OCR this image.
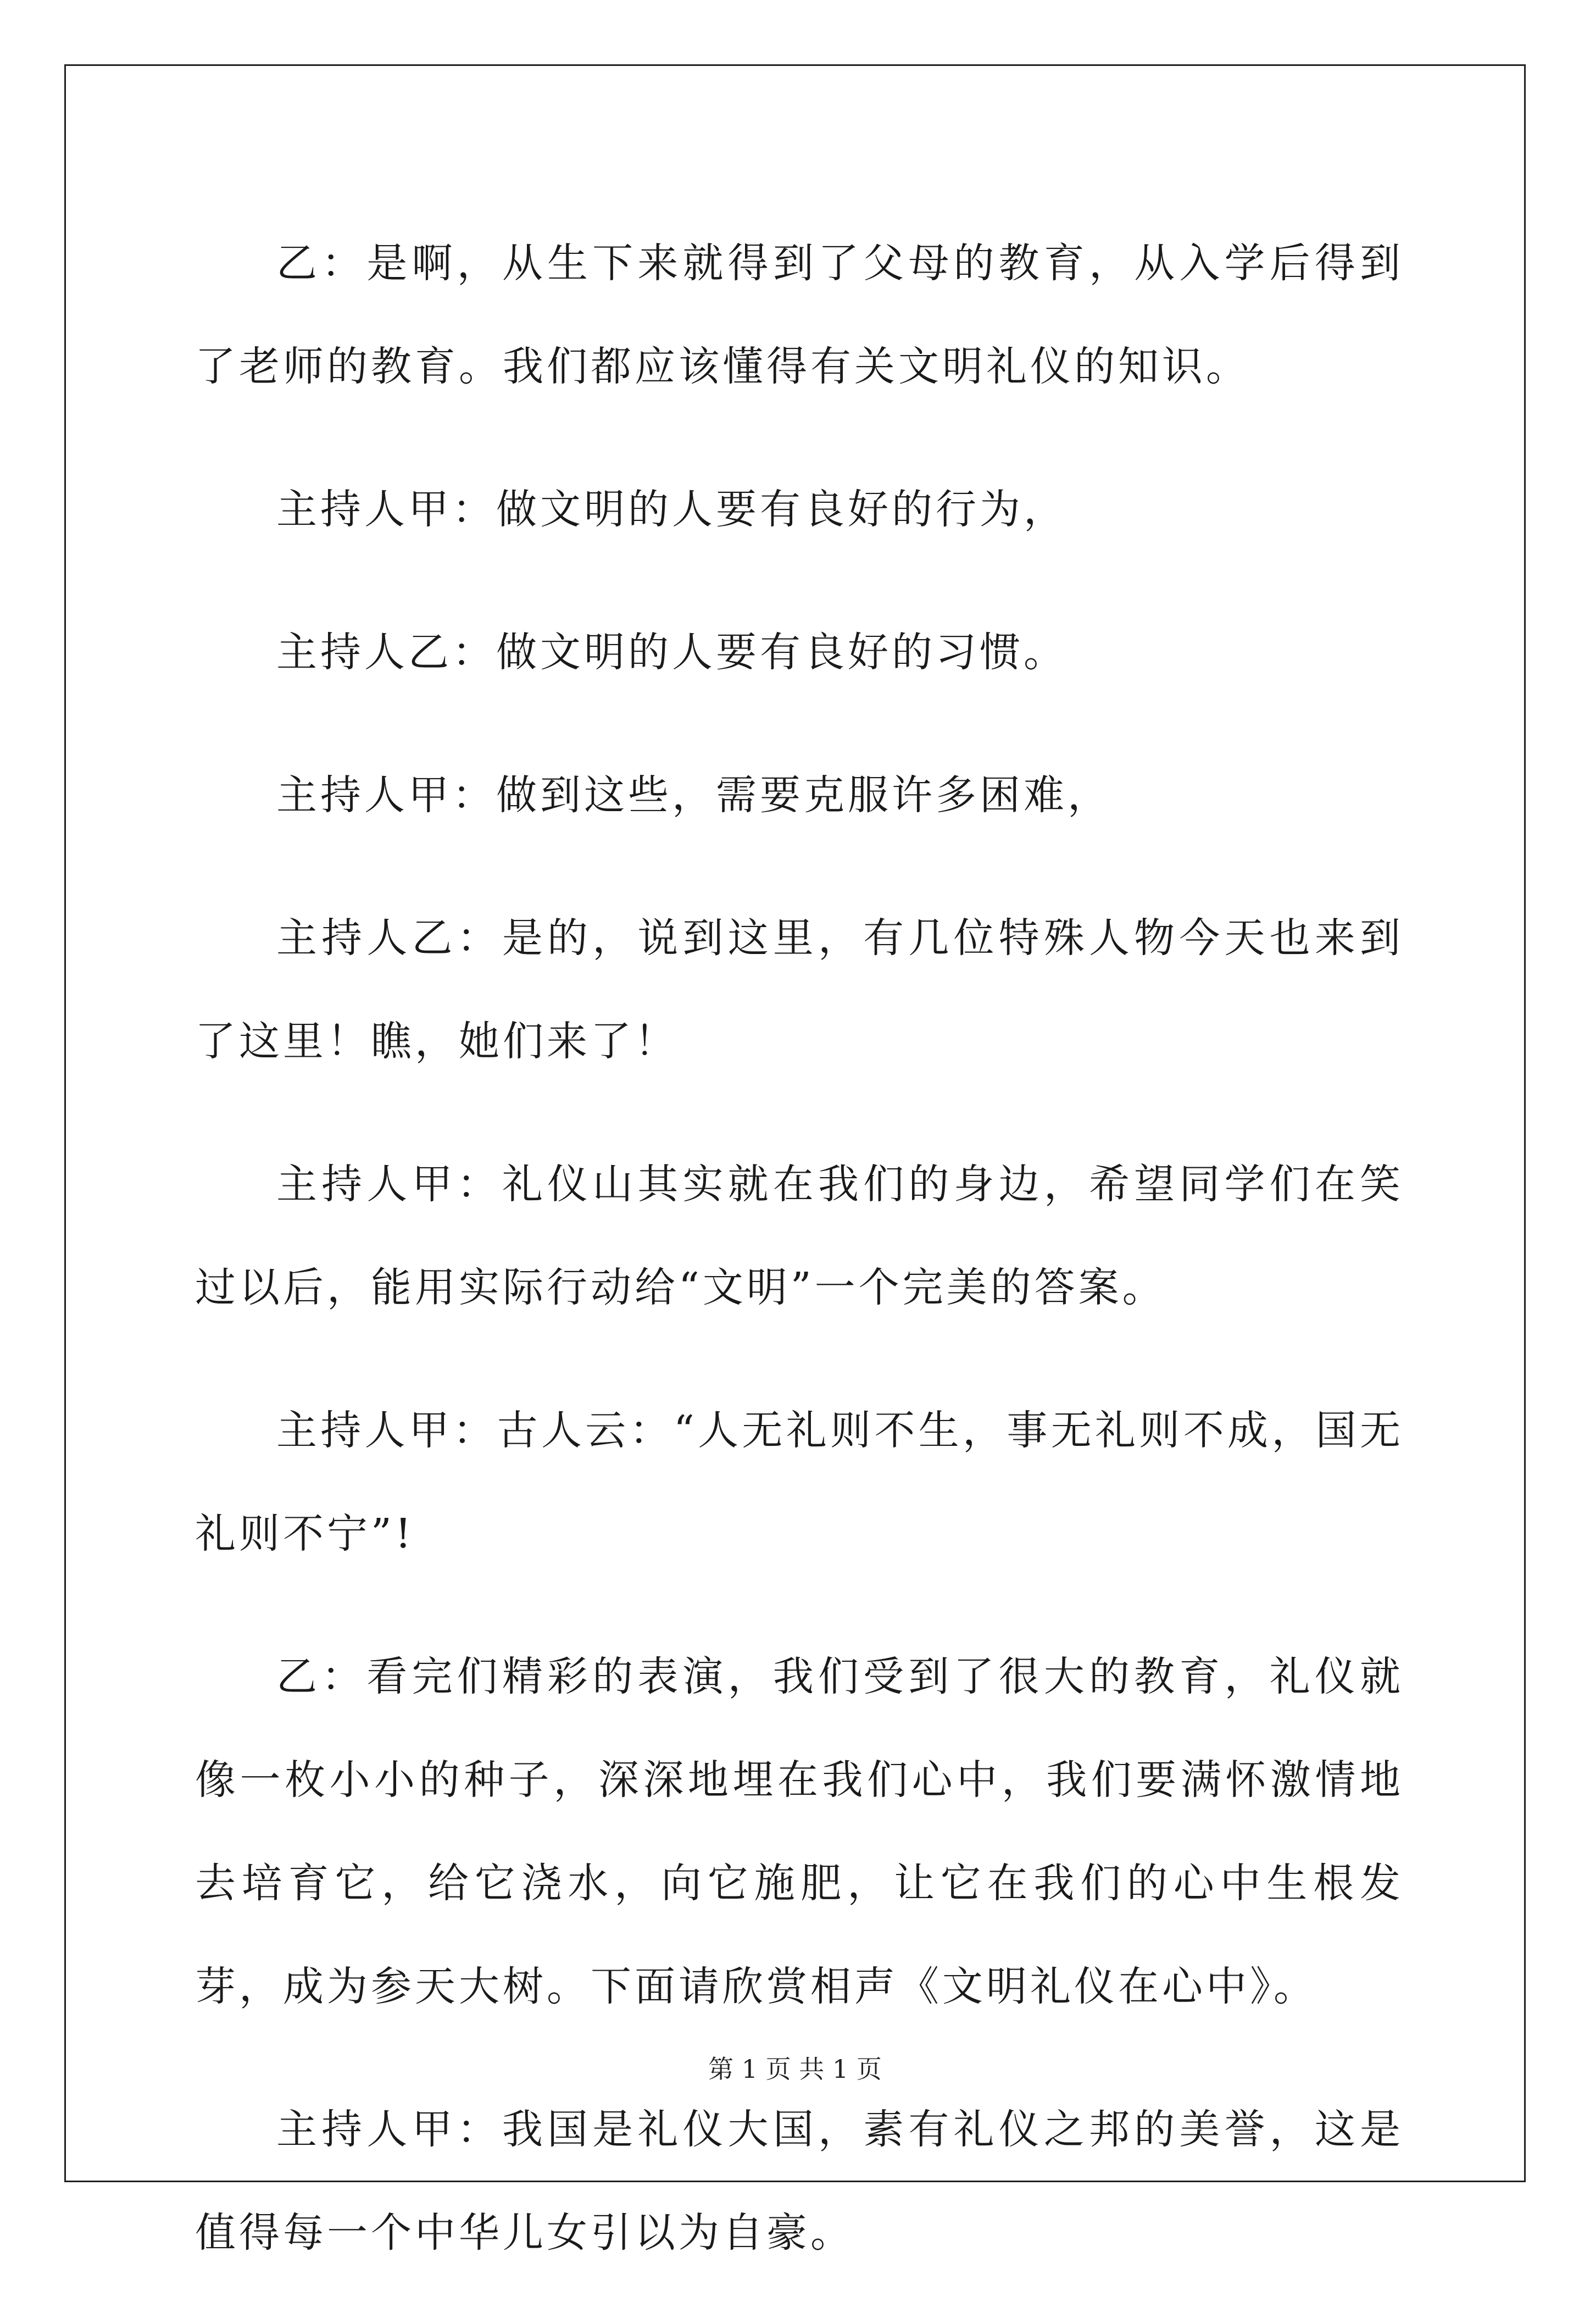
乙：是啊，从生下来就得到了父母的教育，从入学后得到了老师的教育。我们都应该懂得有关文明礼仪的知识。

主持人甲：做文明的人要有良好的行为，

主持人乙：做文明的人要有良好的习惯。

主持人甲：做到这些，需要克服许多困难，

主持人乙：是的，说到这里，有几位特殊人物今天也来到了这里！瞧，她们来了！

主持人甲：礼仪山其实就在我们的身边，希望同学们在笑过以后，能用实际行动给“文明”一个完美的答案。

主持人甲：古人云：“人无礼则不生，事无礼则不成，国无礼则不宁”!

乙：看完们精彩的表演，我们受到了很大的教育，礼仪就像一枚小小的种子，深深地埋在我们心中，我们要满怀激情地去培育它，给它浇水，向它施肥，让它在我们的心中生根发芽，成为参天大树。下面请欣赏相声《文明礼仪在心中》。

主持人甲：我国是礼仪大国，素有礼仪之邦的美誉，这是值得每一个中华儿女引以为自豪。

第 1 页 共 1 页
